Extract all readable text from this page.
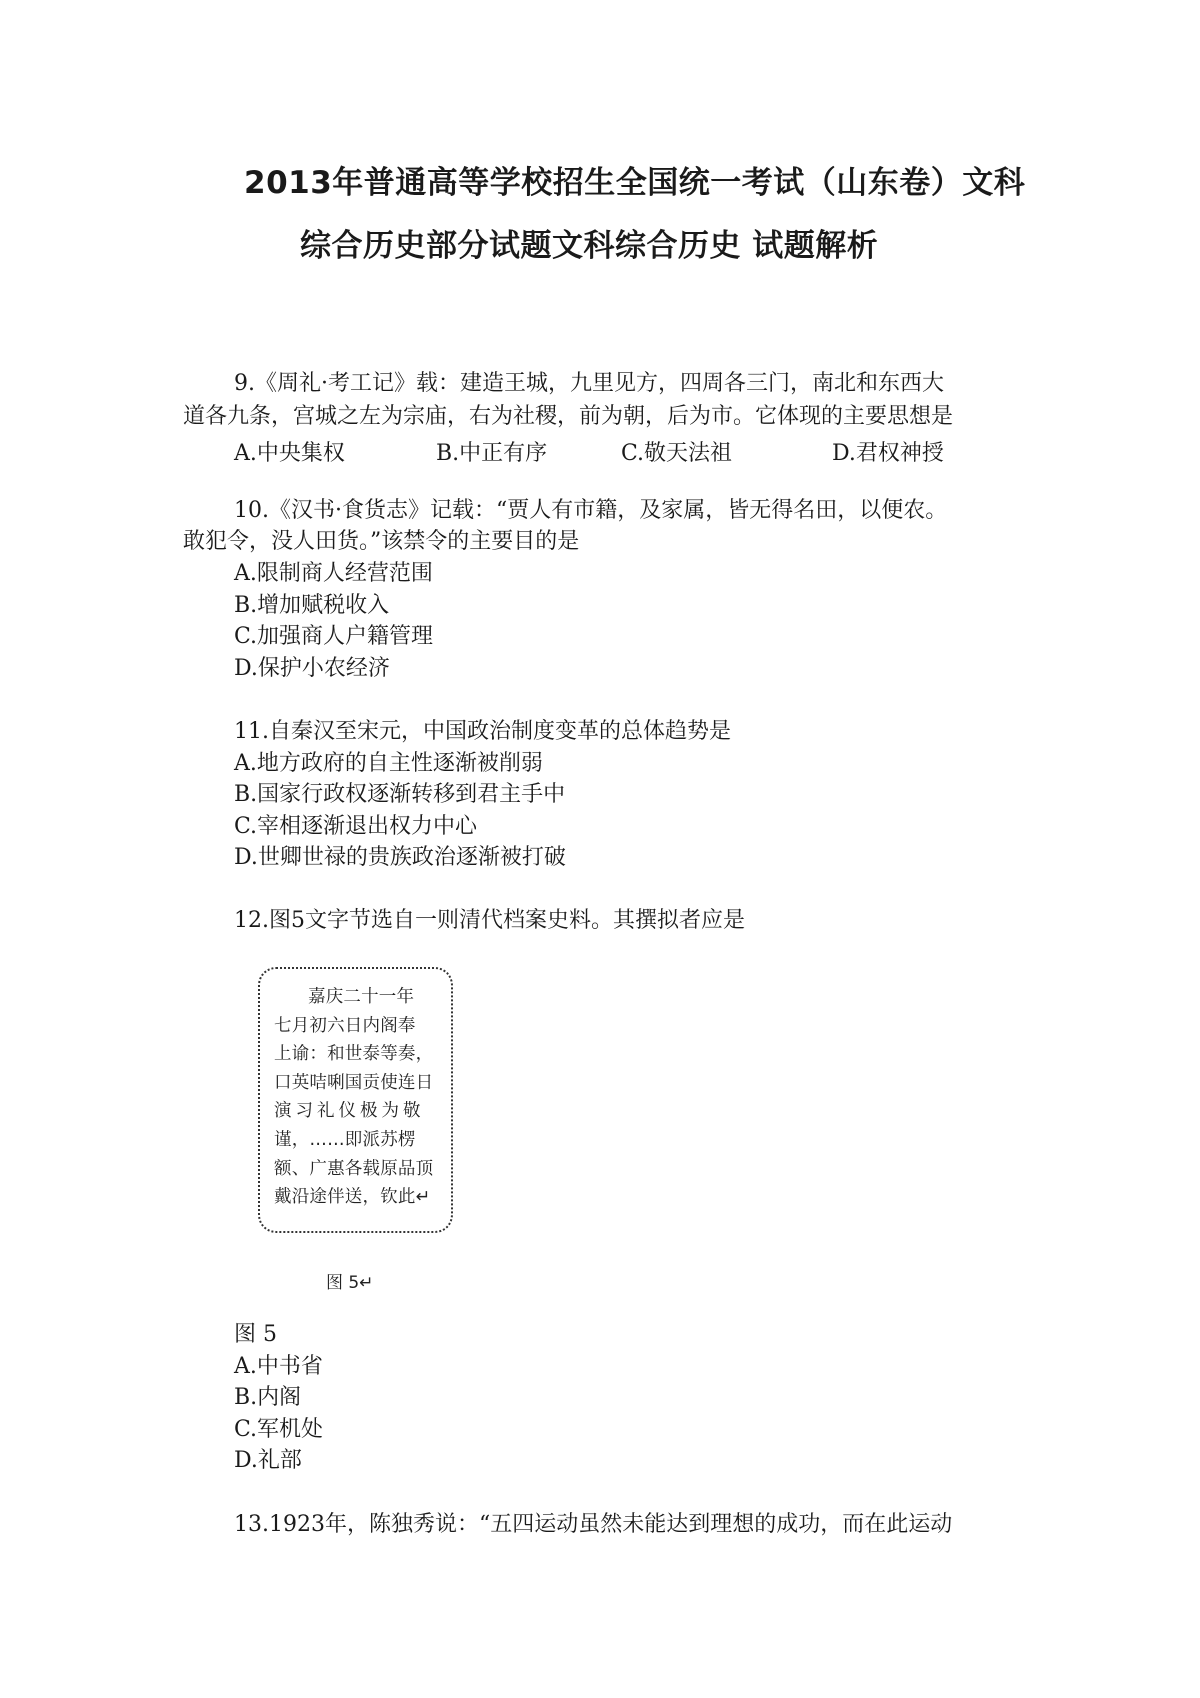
2013年普通高等学校招生全国统一考试（山东卷）文科
综合历史部分试题文科综合历史 试题解析
9.《周礼·考工记》载：建造王城，九里见方，四周各三门，南北和东西大
道各九条，宫城之左为宗庙，右为社稷，前为朝，后为市。它体现的主要思想是
A.中央集权	B.中正有序	C.敬天法祖	D.君权神授
10.《汉书·食货志》记载：“贾人有市籍，及家属，皆无得名田，以便农。
敢犯令，没人田货。”该禁令的主要目的是
A.限制商人经营范围
B.增加赋税收入
C.加强商人户籍管理
D.保护小农经济
11.自秦汉至宋元，中国政治制度变革的总体趋势是
A.地方政府的自主性逐渐被削弱
B.国家行政权逐渐转移到君主手中
C.宰相逐渐退出权力中心
D.世卿世禄的贵族政治逐渐被打破
12.图5文字节选自一则清代档案史料。其撰拟者应是
嘉庆二十一年
七月初六日内阁奉
上谕：和世泰等奏，
口英咭唎国贡使连日
演习礼仪极为敬
谨，……即派苏楞
额、广惠各载原品顶
戴沿途伴送，钦此↵
图 5↵
图 5
A.中书省
B.内阁
C.军机处
D.礼部
13.1923年，陈独秀说：“五四运动虽然未能达到理想的成功，而在此运动
